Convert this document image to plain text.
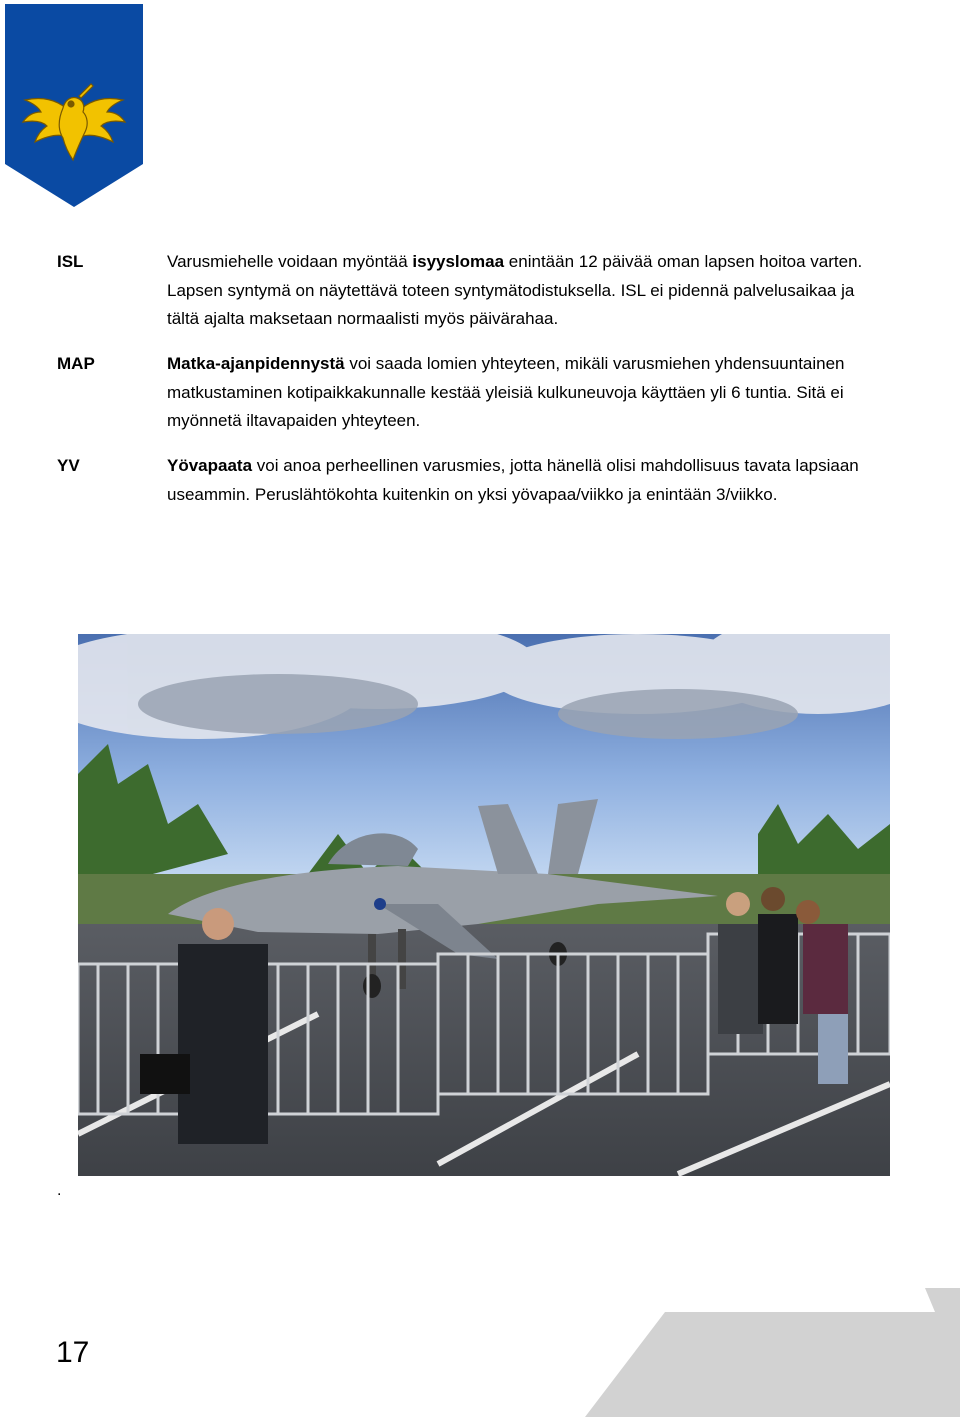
ISL	Varusmiehelle voidaan myöntää isyyslomaa enintään 12 päivää oman lapsen hoitoa varten. Lapsen syntymä on näytettävä toteen syntymätodistuksella. ISL ei pidennä palvelusaikaa ja tältä ajalta maksetaan normaalisti myös päivärahaa.
MAP	Matka-ajanpidennystä voi saada lomien yhteyteen, mikäli varusmiehen yhdensuuntainen matkustaminen kotipaikkakunnalle kestää yleisiä kulkuneuvoja käyttäen yli 6 tuntia. Sitä ei myönnetä iltavapaiden yhteyteen.
YV	Yövapaata voi anoa perheellinen varusmies, jotta hänellä olisi mahdollisuus tavata lapsiaan useammin. Peruslähtökohta kuitenkin on yksi yövapaa/viikko ja enintään 3/viikko.
.
17
